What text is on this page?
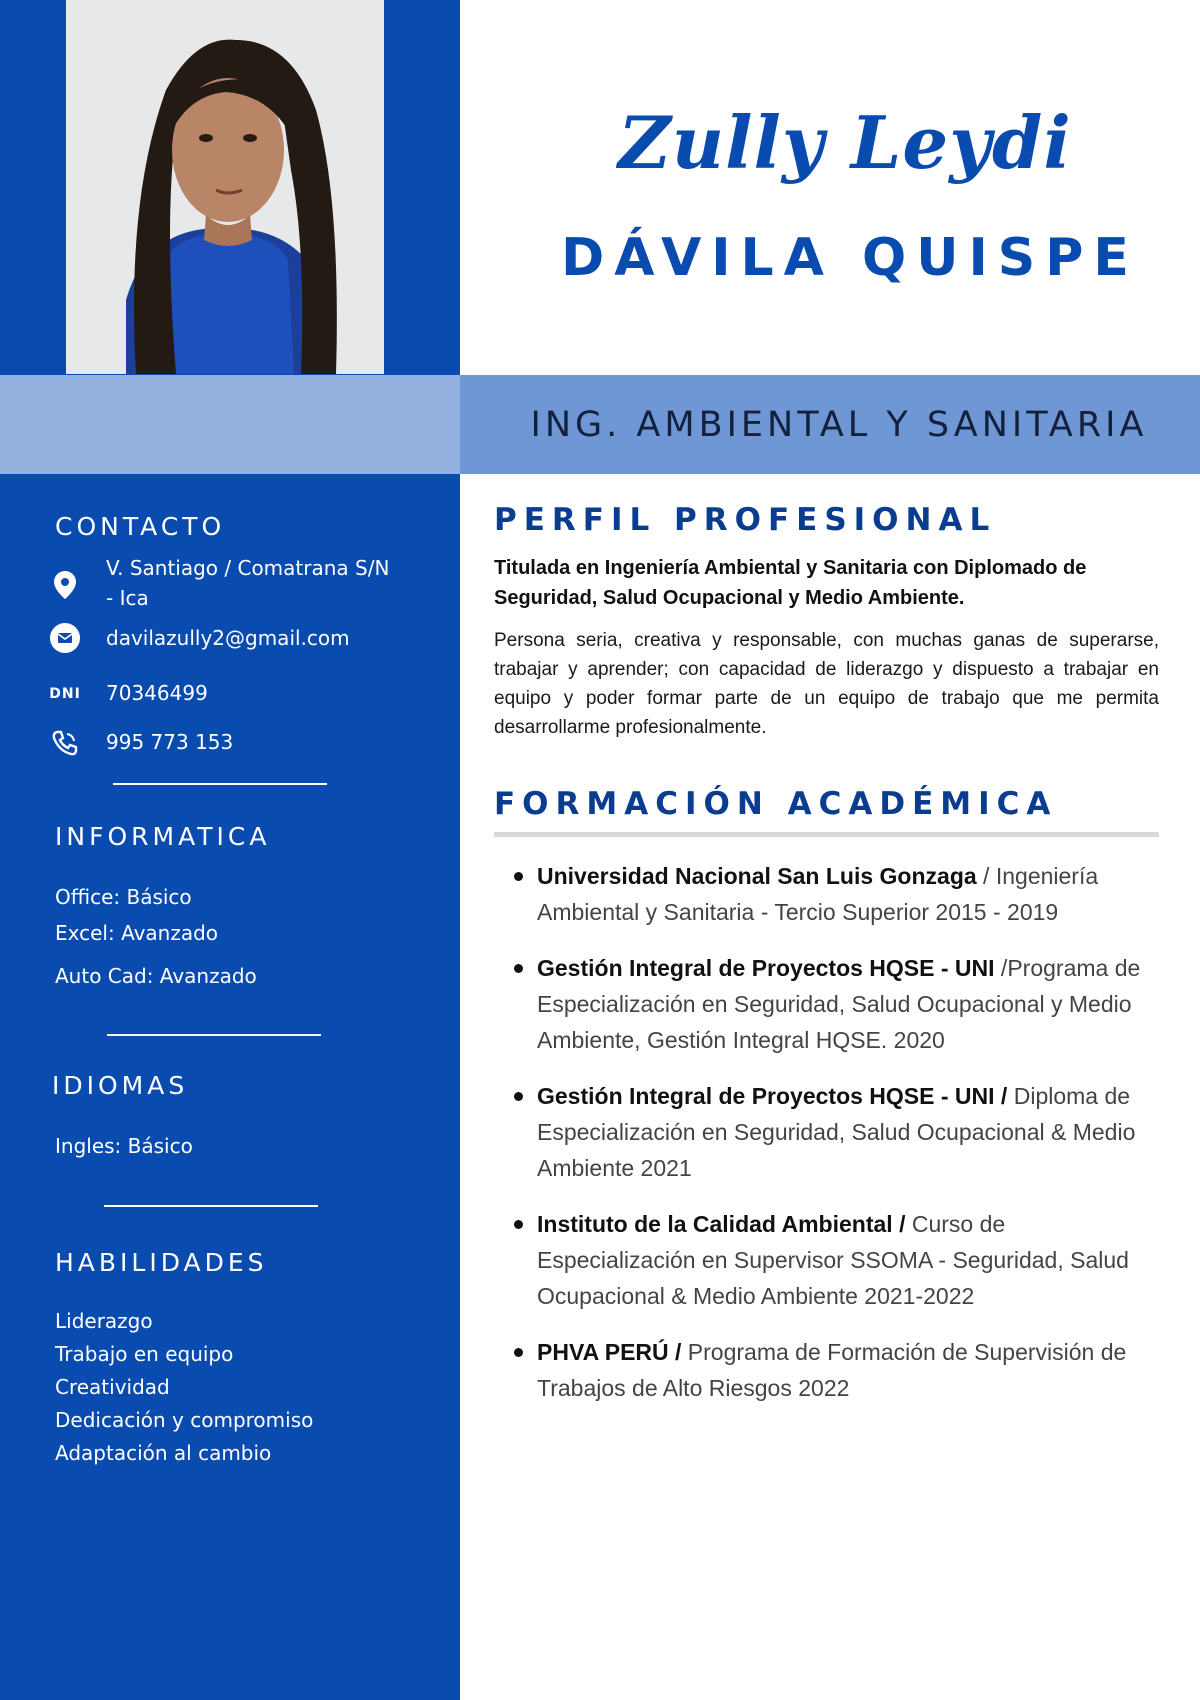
ING. AMBIENTAL Y SANITARIA
Zully Leydi
DÁVILA QUISPE
CONTACTO
V. Santiago / Comatrana S/N
- Ica
davilazully2@gmail.com
DNI 70346499
995 773 153
INFORMATICA
Office: Básico
Excel: Avanzado
Auto Cad: Avanzado
IDIOMAS
Ingles: Básico
HABILIDADES
Liderazgo
Trabajo en equipo
Creatividad
Dedicación y compromiso
Adaptación al cambio
PERFIL PROFESIONAL
Titulada en Ingeniería Ambiental y Sanitaria con Diplomado de Seguridad, Salud Ocupacional y Medio Ambiente.
Persona seria, creativa y responsable, con muchas ganas de superarse, trabajar y aprender; con capacidad de liderazgo y dispuesto a trabajar en equipo y poder formar parte de un equipo de trabajo que me permita desarrollarme profesionalmente.
FORMACIÓN ACADÉMICA
Universidad Nacional San Luis Gonzaga / Ingeniería Ambiental y Sanitaria - Tercio Superior 2015 - 2019
Gestión Integral de Proyectos HQSE - UNI /Programa de Especialización en Seguridad, Salud Ocupacional y Medio Ambiente, Gestión Integral HQSE. 2020
Gestión Integral de Proyectos HQSE - UNI / Diploma de Especialización en Seguridad, Salud Ocupacional & Medio Ambiente 2021
Instituto de la Calidad Ambiental / Curso de Especialización en Supervisor SSOMA - Seguridad, Salud Ocupacional & Medio Ambiente 2021-2022
PHVA PERÚ / Programa de Formación de Supervisión de Trabajos de Alto Riesgos 2022
